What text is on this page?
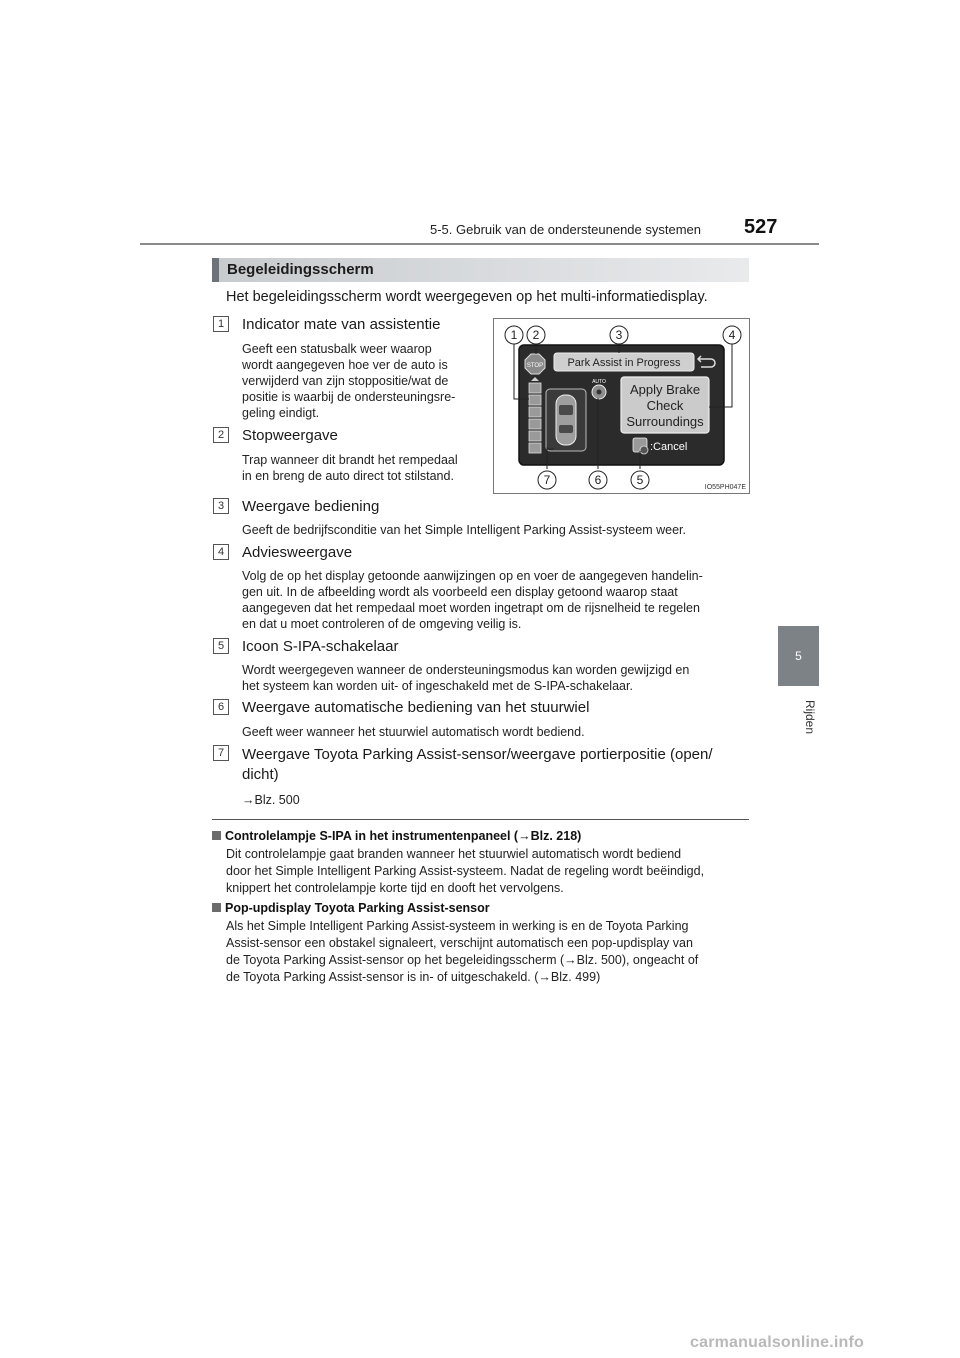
5-5. Gebruik van de ondersteunende systemen 527
5
Rijden
Begeleidingsscherm
Het begeleidingsscherm wordt weergegeven op het multi-informatiedisplay.
1	Indicator mate van assistentie
Geeft een statusbalk weer waarop
wordt aangegeven hoe ver de auto is
verwijderd van zijn stoppositie/wat de
positie is waarbij de ondersteuningsre-
geling eindigt.
2	Stopweergave
Trap wanneer dit brandt het rempedaal
in en breng de auto direct tot stilstand.
Park Assist in Progress
STOP
AUTO Apply Brake
Check
Surroundings
:Cancel
1 2	3	4
5
6
7
IO55PH047E
3	Weergave bediening
Geeft de bedrijfsconditie van het Simple Intelligent Parking Assist-systeem weer.
4	Adviesweergave
Volg de op het display getoonde aanwijzingen op en voer de aangegeven handelin-
gen uit. In de afbeelding wordt als voorbeeld een display getoond waarop staat
aangegeven dat het rempedaal moet worden ingetrapt om de rijsnelheid te regelen
en dat u moet controleren of de omgeving veilig is.
5	Icoon S-IPA-schakelaar
Wordt weergegeven wanneer de ondersteuningsmodus kan worden gewijzigd en
het systeem kan worden uit- of ingeschakeld met de S-IPA-schakelaar.
6	Weergave automatische bediening van het stuurwiel
Geeft weer wanneer het stuurwiel automatisch wordt bediend.
7	Weergave Toyota Parking Assist-sensor/weergave portierpositie (open/
dicht)
→Blz. 500
Controlelampje S-IPA in het instrumentenpaneel (→Blz. 218)
Dit controlelampje gaat branden wanneer het stuurwiel automatisch wordt bediend
door het Simple Intelligent Parking Assist-systeem. Nadat de regeling wordt beëindigd,
knippert het controlelampje korte tijd en dooft het vervolgens.
Pop-updisplay Toyota Parking Assist-sensor
Als het Simple Intelligent Parking Assist-systeem in werking is en de Toyota Parking
Assist-sensor een obstakel signaleert, verschijnt automatisch een pop-updisplay van
de Toyota Parking Assist-sensor op het begeleidingsscherm (→Blz. 500), ongeacht of
de Toyota Parking Assist-sensor is in- of uitgeschakeld. (→Blz. 499)
carmanualsonline.info
